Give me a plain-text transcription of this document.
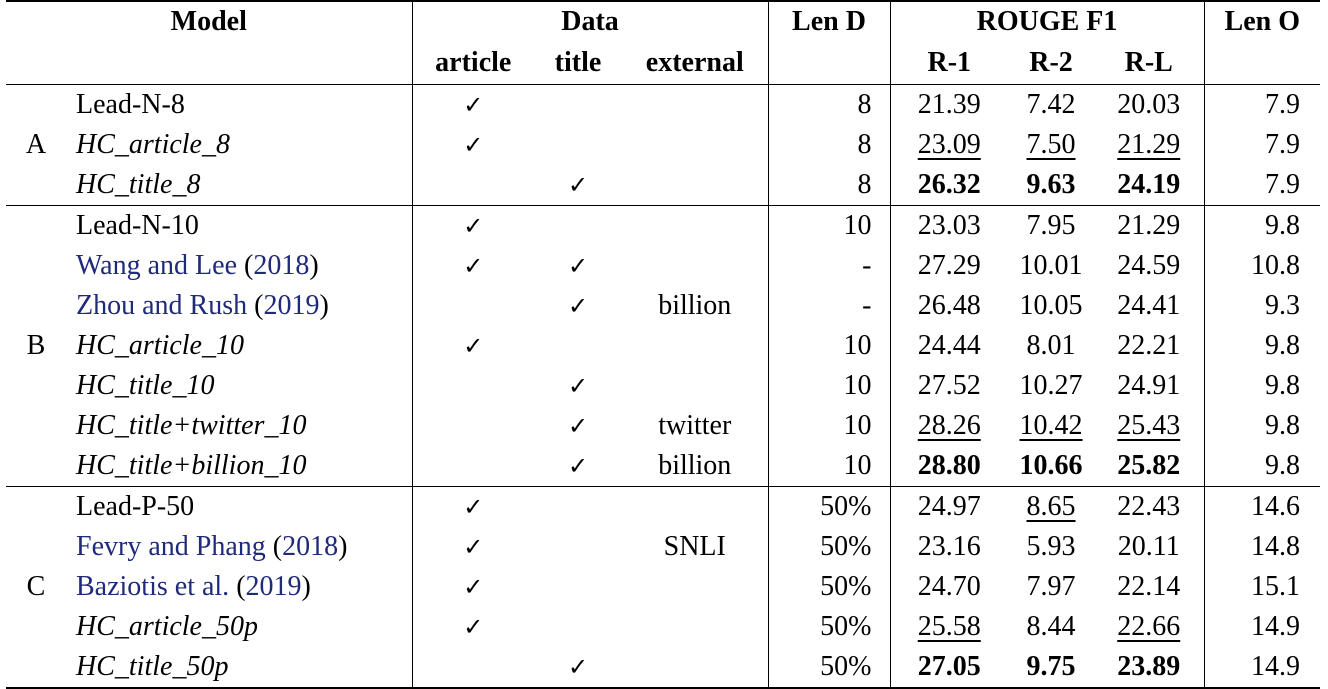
Model		Data			Len D	ROUGE F1			Len O
		article	title	external		R-1	R-2	R-L	
A	Lead-N-8	✓			8	21.39	7.42	20.03	7.9
	HC_article_8	✓			8	23.09	7.50	21.29	7.9
	HC_title_8		✓		8	26.32	9.63	24.19	7.9
B	Lead-N-10	✓			10	23.03	7.95	21.29	9.8
	Wang and Lee (2018)	✓	✓		-	27.29	10.01	24.59	10.8
	Zhou and Rush (2019)		✓	billion	-	26.48	10.05	24.41	9.3
	HC_article_10	✓			10	24.44	8.01	22.21	9.8
	HC_title_10		✓		10	27.52	10.27	24.91	9.8
	HC_title+twitter_10		✓	twitter	10	28.26	10.42	25.43	9.8
	HC_title+billion_10		✓	billion	10	28.80	10.66	25.82	9.8
C	Lead-P-50	✓			50%	24.97	8.65	22.43	14.6
	Fevry and Phang (2018)	✓		SNLI	50%	23.16	5.93	20.11	14.8
	Baziotis et al. (2019)	✓			50%	24.70	7.97	22.14	15.1
	HC_article_50p	✓			50%	25.58	8.44	22.66	14.9
	HC_title_50p		✓		50%	27.05	9.75	23.89	14.9
